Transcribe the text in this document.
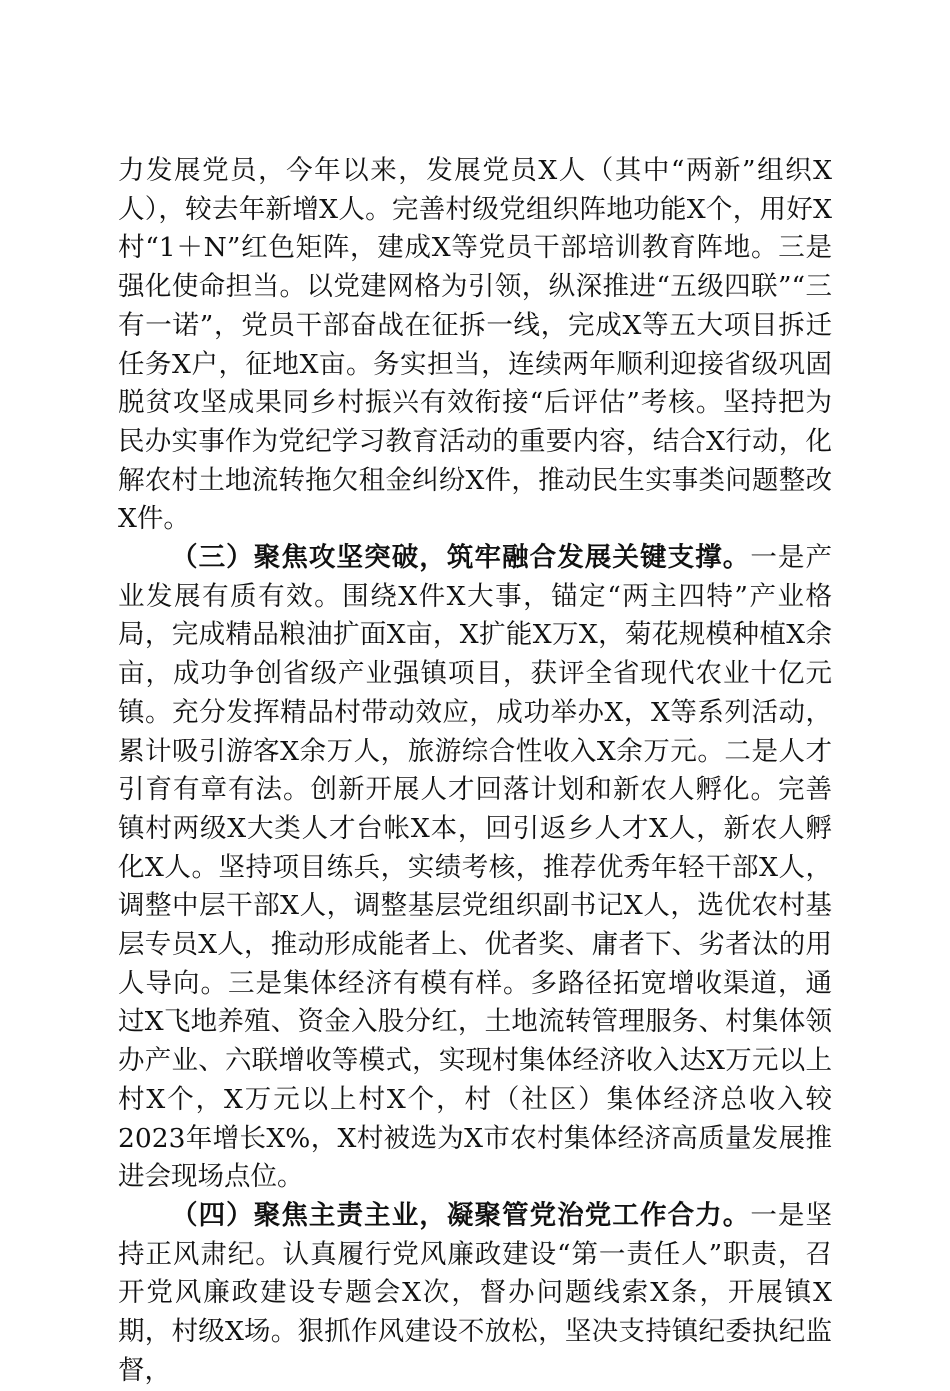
力发展党员，今年以来，发展党员X人（其中“两新”组织X人），较去年新增X人。完善村级党组织阵地功能X个，用好X村“1＋N”红色矩阵，建成X等党员干部培训教育阵地。三是强化使命担当。以党建网格为引领，纵深推进“五级四联”“三有一诺”，党员干部奋战在征拆一线，完成X等五大项目拆迁任务X户，征地X亩。务实担当，连续两年顺利迎接省级巩固脱贫攻坚成果同乡村振兴有效衔接“后评估”考核。坚持把为民办实事作为党纪学习教育活动的重要内容，结合X行动，化解农村土地流转拖欠租金纠纷X件，推动民生实事类问题整改X件。

（三）聚焦攻坚突破，筑牢融合发展关键支撑。一是产业发展有质有效。围绕X件X大事，锚定“两主四特”产业格局，完成精品粮油扩面X亩，X扩能X万X，菊花规模种植X余亩，成功争创省级产业强镇项目，获评全省现代农业十亿元镇。充分发挥精品村带动效应，成功举办X，X等系列活动，累计吸引游客X余万人，旅游综合性收入X余万元。二是人才引育有章有法。创新开展人才回落计划和新农人孵化。完善镇村两级X大类人才台帐X本，回引返乡人才X人，新农人孵化X人。坚持项目练兵，实绩考核，推荐优秀年轻干部X人，调整中层干部X人，调整基层党组织副书记X人，选优农村基层专员X人，推动形成能者上、优者奖、庸者下、劣者汰的用人导向。三是集体经济有模有样。多路径拓宽增收渠道，通过X飞地养殖、资金入股分红，土地流转管理服务、村集体领办产业、六联增收等模式，实现村集体经济收入达X万元以上村X个，X万元以上村X个，村（社区）集体经济总收入较2023年增长X%，X村被选为X市农村集体经济高质量发展推进会现场点位。

（四）聚焦主责主业，凝聚管党治党工作合力。一是坚持正风肃纪。认真履行党风廉政建设“第一责任人”职责，召开党风廉政建设专题会X次，督办问题线索X条，开展镇X期，村级X场。狠抓作风建设不放松，坚决支持镇纪委执纪监督，
